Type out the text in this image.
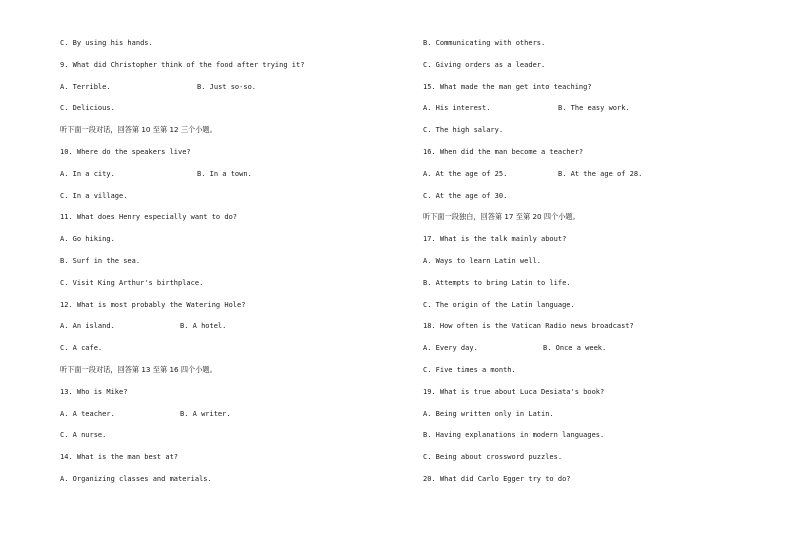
C. By using his hands.
9. What did Christopher think of the food after trying it?
A. Terrible.	B. Just so-so.
C. Delicious.
听下面一段对话，回答第 10 至第 12 三个小题。
10. Where do the speakers live?
A. In a city.	B. In a town.
C. In a village.
11. What does Henry especially want to do?
A. Go hiking.
B. Surf in the sea.
C. Visit King Arthur's birthplace.
12. What is most probably the Watering Hole?
A. An island.	B. A hotel.
C. A cafe.
听下面一段对话，回答第 13 至第 16 四个小题。
13. Who is Mike?
A. A teacher.	B. A writer.
C. A nurse.
14. What is the man best at?
A. Organizing classes and materials.
B. Communicating with others.
C. Giving orders as a leader.
15. What made the man get into teaching?
A. His interest.	B. The easy work.
C. The high salary.
16. When did the man become a teacher?
A. At the age of 25.	B. At the age of 28.
C. At the age of 30.
听下面一段独白，回答第 17 至第 20 四个小题。
17. What is the talk mainly about?
A. Ways to learn Latin well.
B. Attempts to bring Latin to life.
C. The origin of the Latin language.
18. How often is the Vatican Radio news broadcast?
A. Every day.	B. Once a week.
C. Five times a month.
19. What is true about Luca Desiata's book?
A. Being written only in Latin.
B. Having explanations in modern languages.
C. Being about crossword puzzles.
20. What did Carlo Egger try to do?
